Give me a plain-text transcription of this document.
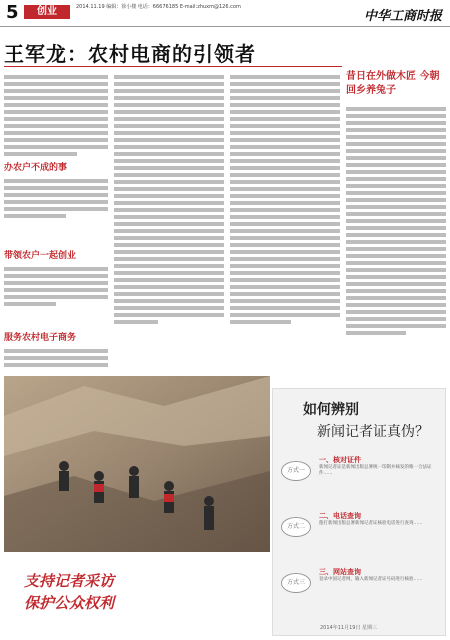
5	创业	2014.11.19 编辑：徐小楼 电话：66676185 E-mail:zhuxm@126.com
中华工商时报
王军龙：农村电商的引领者
办农户不成的事
带领农户一起创业
服务农村电子商务
昔日在外做木匠 今朝回乡养兔子
支持记者采访
保护公众权利
如何辨别
新闻记者证真伪？
方式一
一、核对证件
新闻记者证是新闻出版总署统一印制并核发的唯一合法证件……
方式二
二、电话查询
拨打新闻出版总署新闻记者证核验电话进行查询……
方式三
三、网站查询
登录中国记者网，输入新闻记者证号码进行核验……
2014年11月19日 星期三
